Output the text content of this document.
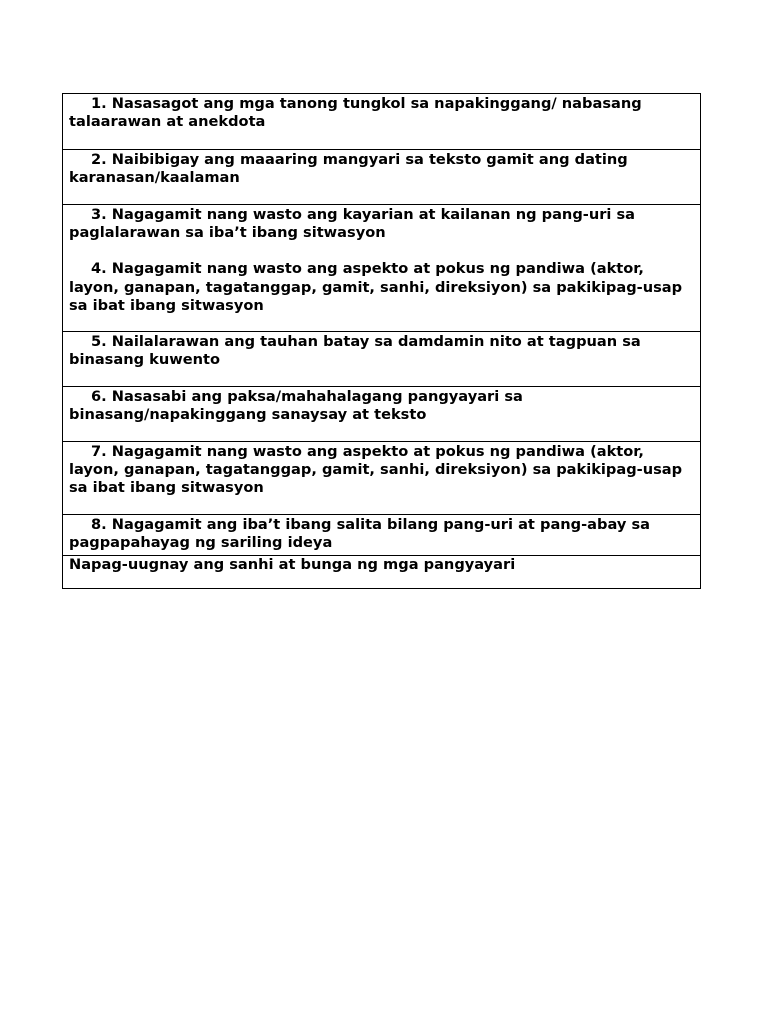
1. Nasasagot ang mga tanong tungkol sa napakinggang/ nabasang talaarawan at anekdota

2. Naibibigay ang maaaring mangyari sa teksto gamit ang dating karanasan/kaalaman

3. Nagagamit nang wasto ang kayarian at kailanan ng pang-uri sa paglalarawan sa iba’t ibang sitwasyon

4. Nagagamit nang wasto ang aspekto at pokus ng pandiwa (aktor, layon, ganapan, tagatanggap, gamit, sanhi, direksiyon) sa pakikipag-usap sa ibat ibang sitwasyon

5. Nailalarawan ang tauhan batay sa damdamin nito at tagpuan sa binasang kuwento

6. Nasasabi ang paksa/mahahalagang pangyayari sa binasang/napakinggang sanaysay at teksto

7. Nagagamit nang wasto ang aspekto at pokus ng pandiwa (aktor, layon, ganapan, tagatanggap, gamit, sanhi, direksiyon) sa pakikipag-usap sa ibat ibang sitwasyon

8. Nagagamit ang iba’t ibang salita bilang pang-uri at pang-abay sa pagpapahayag ng sariling ideya

Napag-uugnay ang sanhi at bunga ng mga pangyayari
